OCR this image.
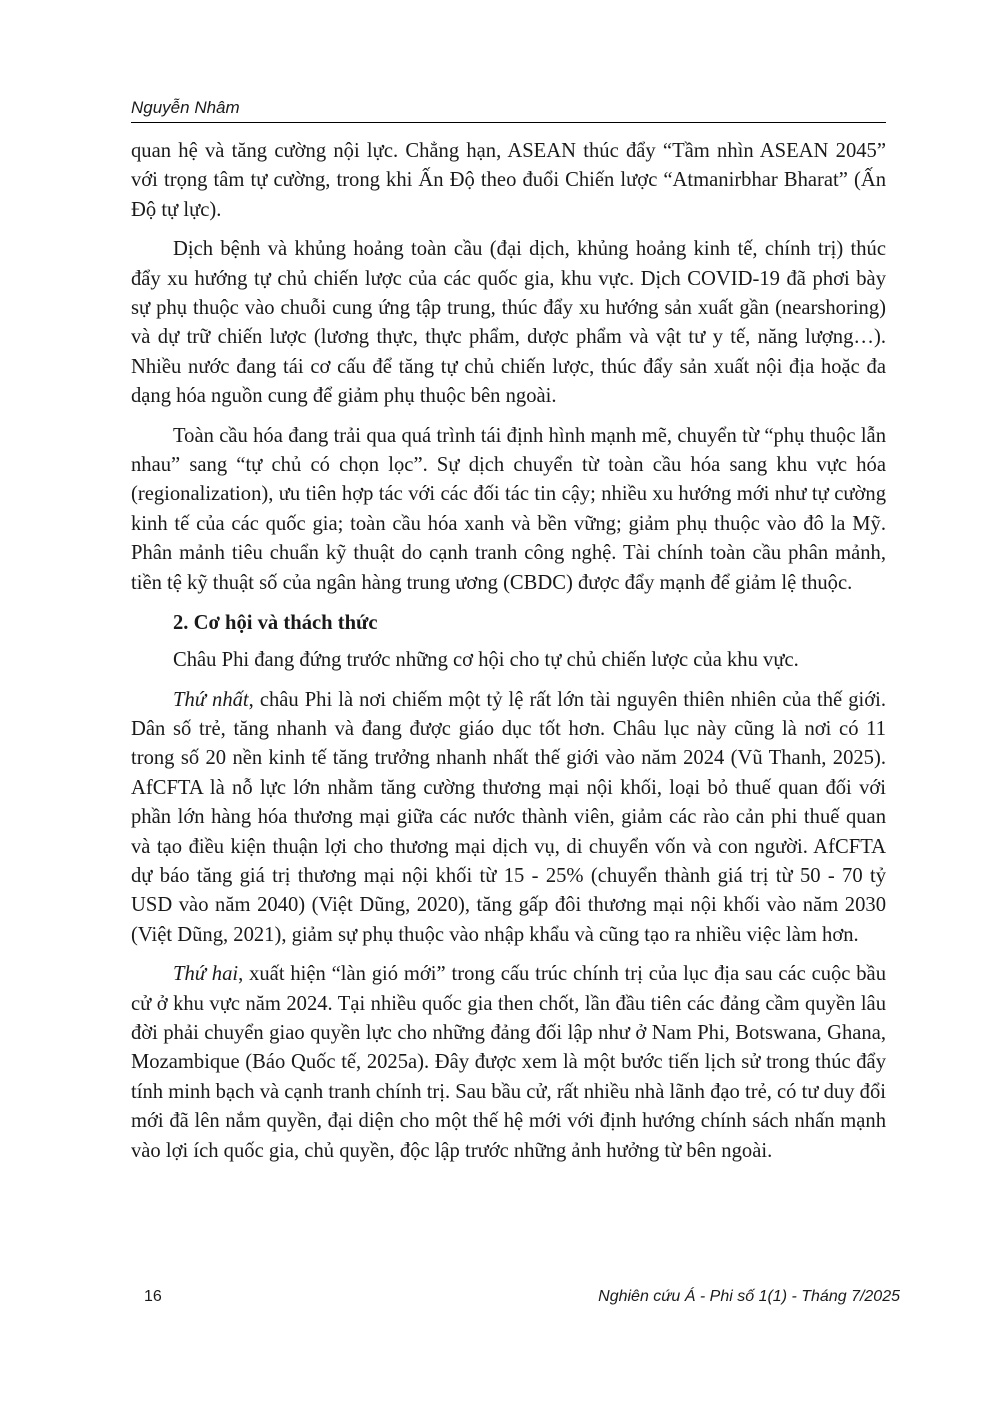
Nguyễn Nhâm

quan hệ và tăng cường nội lực. Chẳng hạn, ASEAN thúc đẩy “Tầm nhìn ASEAN 2045” với trọng tâm tự cường, trong khi Ấn Độ theo đuổi Chiến lược “Atmanirbhar Bharat” (Ấn Độ tự lực).

Dịch bệnh và khủng hoảng toàn cầu (đại dịch, khủng hoảng kinh tế, chính trị) thúc đẩy xu hướng tự chủ chiến lược của các quốc gia, khu vực. Dịch COVID-19 đã phơi bày sự phụ thuộc vào chuỗi cung ứng tập trung, thúc đẩy xu hướng sản xuất gần (nearshoring) và dự trữ chiến lược (lương thực, thực phẩm, dược phẩm và vật tư y tế, năng lượng…). Nhiều nước đang tái cơ cấu để tăng tự chủ chiến lược, thúc đẩy sản xuất nội địa hoặc đa dạng hóa nguồn cung để giảm phụ thuộc bên ngoài.

Toàn cầu hóa đang trải qua quá trình tái định hình mạnh mẽ, chuyển từ “phụ thuộc lẫn nhau” sang “tự chủ có chọn lọc”. Sự dịch chuyển từ toàn cầu hóa sang khu vực hóa (regionalization), ưu tiên hợp tác với các đối tác tin cậy; nhiều xu hướng mới như tự cường kinh tế của các quốc gia; toàn cầu hóa xanh và bền vững; giảm phụ thuộc vào đô la Mỹ. Phân mảnh tiêu chuẩn kỹ thuật do cạnh tranh công nghệ. Tài chính toàn cầu phân mảnh, tiền tệ kỹ thuật số của ngân hàng trung ương (CBDC) được đẩy mạnh để giảm lệ thuộc.

2. Cơ hội và thách thức

Châu Phi đang đứng trước những cơ hội cho tự chủ chiến lược của khu vực.

Thứ nhất, châu Phi là nơi chiếm một tỷ lệ rất lớn tài nguyên thiên nhiên của thế giới. Dân số trẻ, tăng nhanh và đang được giáo dục tốt hơn. Châu lục này cũng là nơi có 11 trong số 20 nền kinh tế tăng trưởng nhanh nhất thế giới vào năm 2024 (Vũ Thanh, 2025). AfCFTA là nỗ lực lớn nhằm tăng cường thương mại nội khối, loại bỏ thuế quan đối với phần lớn hàng hóa thương mại giữa các nước thành viên, giảm các rào cản phi thuế quan và tạo điều kiện thuận lợi cho thương mại dịch vụ, di chuyển vốn và con người. AfCFTA dự báo tăng giá trị thương mại nội khối từ 15 - 25% (chuyển thành giá trị từ 50 - 70 tỷ USD vào năm 2040) (Việt Dũng, 2020), tăng gấp đôi thương mại nội khối vào năm 2030 (Việt Dũng, 2021), giảm sự phụ thuộc vào nhập khẩu và cũng tạo ra nhiều việc làm hơn.

Thứ hai, xuất hiện “làn gió mới” trong cấu trúc chính trị của lục địa sau các cuộc bầu cử ở khu vực năm 2024. Tại nhiều quốc gia then chốt, lần đầu tiên các đảng cầm quyền lâu đời phải chuyển giao quyền lực cho những đảng đối lập như ở Nam Phi, Botswana, Ghana, Mozambique (Báo Quốc tế, 2025a). Đây được xem là một bước tiến lịch sử trong thúc đẩy tính minh bạch và cạnh tranh chính trị. Sau bầu cử, rất nhiều nhà lãnh đạo trẻ, có tư duy đổi mới đã lên nắm quyền, đại diện cho một thế hệ mới với định hướng chính sách nhấn mạnh vào lợi ích quốc gia, chủ quyền, độc lập trước những ảnh hưởng từ bên ngoài.

16	Nghiên cứu Á - Phi số 1(1) - Tháng 7/2025
